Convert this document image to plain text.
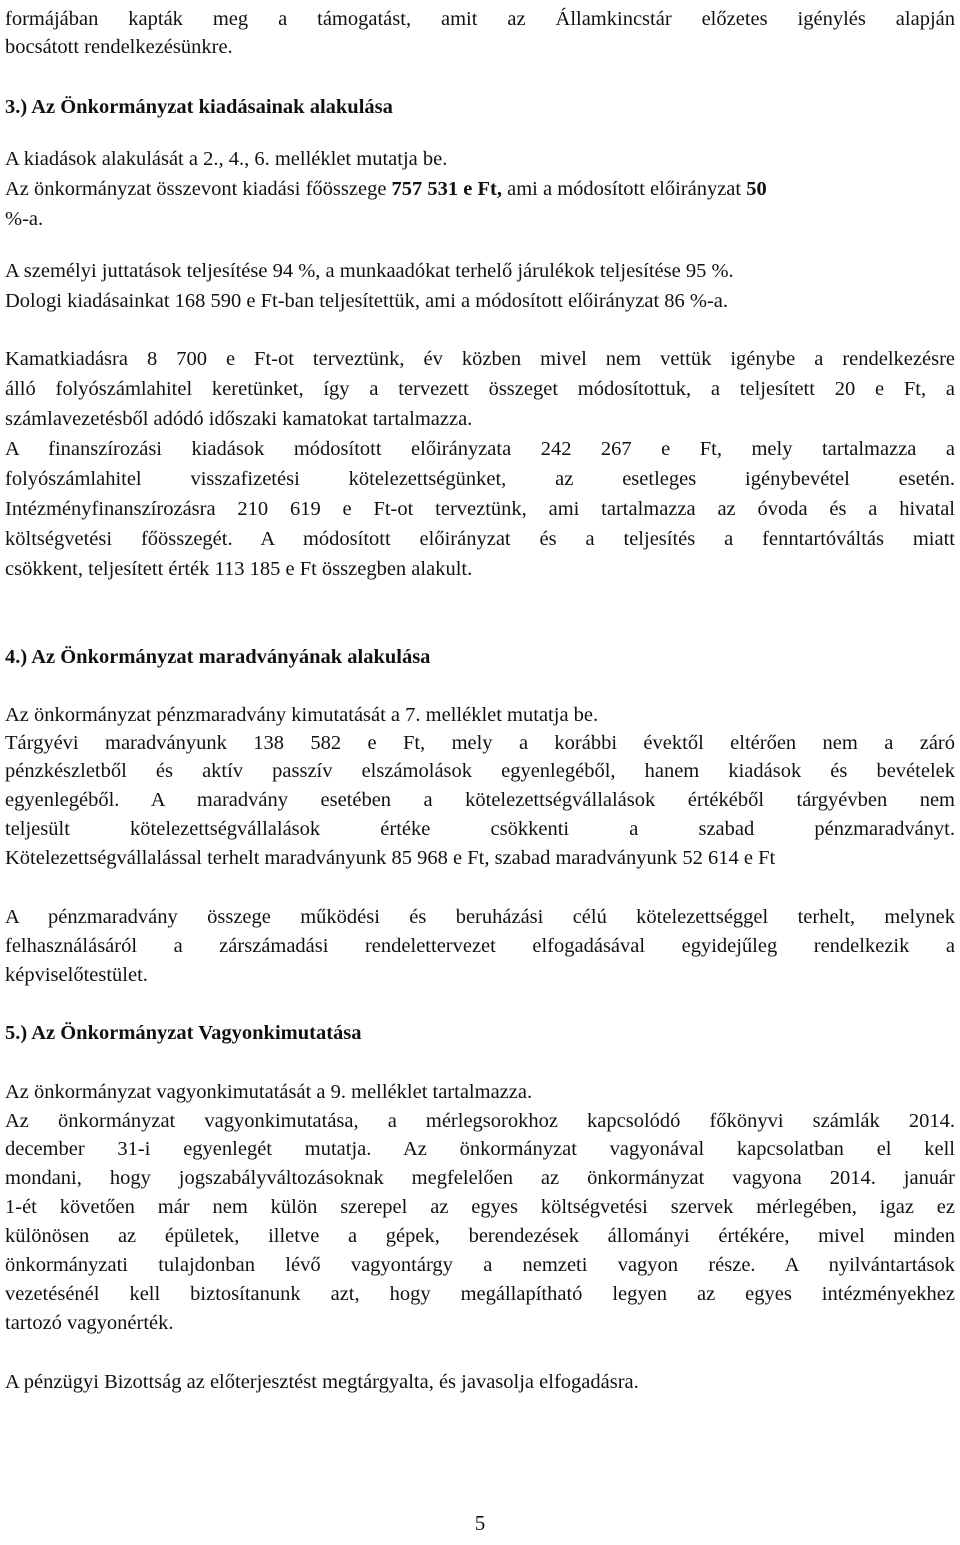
formájában kapták meg a támogatást, amit az Államkincstár előzetes igénylés alapján
bocsátott rendelkezésünkre.
3.) Az Önkormányzat kiadásainak alakulása
A kiadások alakulását a 2., 4., 6. melléklet mutatja be.
Az önkormányzat összevont kiadási főösszege 757 531 e Ft, ami a módosított előirányzat 50
%-a.
A személyi juttatások teljesítése 94 %, a munkaadókat terhelő járulékok teljesítése 95 %.
Dologi kiadásainkat 168 590 e Ft-ban teljesítettük, ami a módosított előirányzat 86 %-a.
Kamatkiadásra 8 700 e Ft-ot terveztünk, év közben mivel nem vettük igénybe a rendelkezésre
álló folyószámlahitel keretünket, így a tervezett összeget módosítottuk, a teljesített 20 e Ft, a
számlavezetésből adódó időszaki kamatokat tartalmazza.
A finanszírozási kiadások módosított előirányzata 242 267 e Ft, mely tartalmazza a
folyószámlahitel visszafizetési kötelezettségünket, az esetleges igénybevétel esetén.
Intézményfinanszírozásra 210 619 e Ft-ot terveztünk, ami tartalmazza az óvoda és a hivatal
költségvetési főösszegét. A módosított előirányzat és a teljesítés a fenntartóváltás miatt
csökkent, teljesített érték 113 185 e Ft összegben alakult.
4.) Az Önkormányzat maradványának alakulása
Az önkormányzat pénzmaradvány kimutatását a 7. melléklet mutatja be.
Tárgyévi maradványunk 138 582 e Ft, mely a korábbi évektől eltérően nem a záró
pénzkészletből és aktív passzív elszámolások egyenlegéből, hanem kiadások és bevételek
egyenlegéből. A maradvány esetében a kötelezettségvállalások értékéből tárgyévben nem
teljesült kötelezettségvállalások értéke csökkenti a szabad pénzmaradványt.
Kötelezettségvállalással terhelt maradványunk 85 968 e Ft, szabad maradványunk 52 614 e Ft
A pénzmaradvány összege működési és beruházási célú kötelezettséggel terhelt, melynek
felhasználásáról a zárszámadási rendelettervezet elfogadásával egyidejűleg rendelkezik a
képviselőtestület.
5.) Az Önkormányzat Vagyonkimutatása
Az önkormányzat vagyonkimutatását a 9. melléklet tartalmazza.
Az önkormányzat vagyonkimutatása, a mérlegsorokhoz kapcsolódó főkönyvi számlák 2014.
december 31-i egyenlegét mutatja. Az önkormányzat vagyonával kapcsolatban el kell
mondani, hogy jogszabályváltozásoknak megfelelően az önkormányzat vagyona 2014. január
1-ét követően már nem külön szerepel az egyes költségvetési szervek mérlegében, igaz ez
különösen az épületek, illetve a gépek, berendezések állományi értékére, mivel minden
önkormányzati tulajdonban lévő vagyontárgy a nemzeti vagyon része. A nyilvántartások
vezetésénél kell biztosítanunk azt, hogy megállapítható legyen az egyes intézményekhez
tartozó vagyonérték.
A pénzügyi Bizottság az előterjesztést megtárgyalta, és javasolja elfogadásra.
5
